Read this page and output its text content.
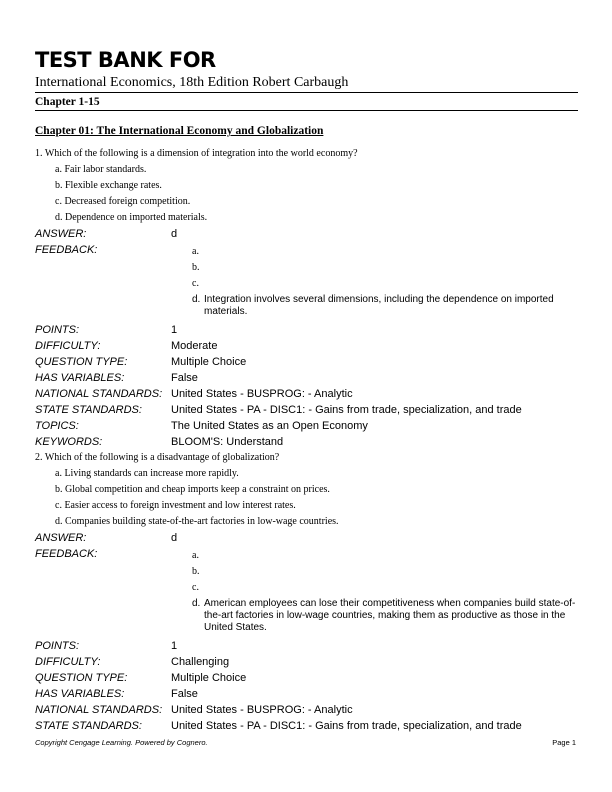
TEST BANK FOR
International Economics, 18th Edition Robert Carbaugh
Chapter 1-15
Chapter 01: The International Economy and Globalization
1. Which of the following is a dimension of integration into the world economy?
a. Fair labor standards.
b. Flexible exchange rates.
c. Decreased foreign competition.
d. Dependence on imported materials.
ANSWER:	d
FEEDBACK:	a.
b.
c.
d. Integration involves several dimensions, including the dependence on imported materials.
POINTS:	1
DIFFICULTY:	Moderate
QUESTION TYPE:	Multiple Choice
HAS VARIABLES:	False
NATIONAL STANDARDS: United States - BUSPROG: - Analytic
STATE STANDARDS:	United States - PA - DISC1: - Gains from trade, specialization, and trade
TOPICS:	The United States as an Open Economy
KEYWORDS:	BLOOM'S: Understand
2. Which of the following is a disadvantage of globalization?
a. Living standards can increase more rapidly.
b. Global competition and cheap imports keep a constraint on prices.
c. Easier access to foreign investment and low interest rates.
d. Companies building state-of-the-art factories in low-wage countries.
ANSWER:	d
FEEDBACK:	a.
b.
c.
d. American employees can lose their competitiveness when companies build state-of-the-art factories in low-wage countries, making them as productive as those in the United States.
POINTS:	1
DIFFICULTY:	Challenging
QUESTION TYPE:	Multiple Choice
HAS VARIABLES:	False
NATIONAL STANDARDS: United States - BUSPROG: - Analytic
STATE STANDARDS:	United States - PA - DISC1: - Gains from trade, specialization, and trade
Copyright Cengage Learning. Powered by Cognero.	Page 1
